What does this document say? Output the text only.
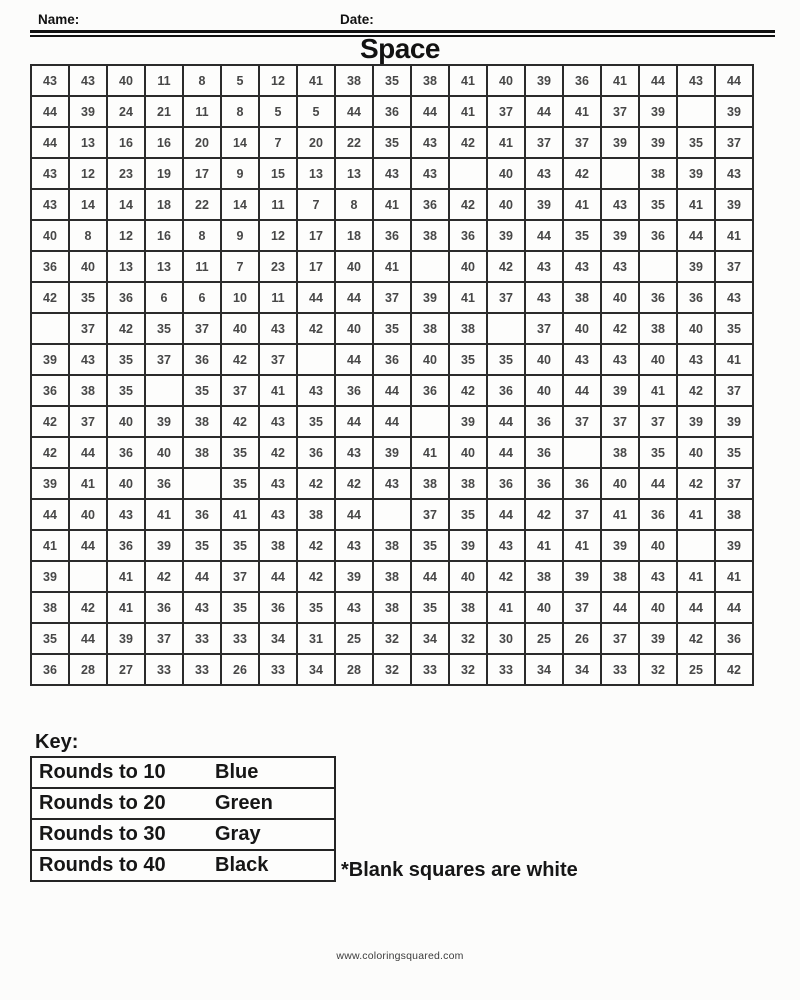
Name:	Date:
Space
43	43	40	11	8	5	12	41	38	35	38	41	40	39	36	41	44	43	44
44	39	24	21	11	8	5	5	44	36	44	41	37	44	41	37	39		39
44	13	16	16	20	14	7	20	22	35	43	42	41	37	37	39	39	35	37
43	12	23	19	17	9	15	13	13	43	43		40	43	42		38	39	43
43	14	14	18	22	14	11	7	8	41	36	42	40	39	41	43	35	41	39
40	8	12	16	8	9	12	17	18	36	38	36	39	44	35	39	36	44	41
36	40	13	13	11	7	23	17	40	41		40	42	43	43	43		39	37
42	35	36	6	6	10	11	44	44	37	39	41	37	43	38	40	36	36	43
	37	42	35	37	40	43	42	40	35	38	38		37	40	42	38	40	35
39	43	35	37	36	42	37		44	36	40	35	35	40	43	43	40	43	41
36	38	35		35	37	41	43	36	44	36	42	36	40	44	39	41	42	37
42	37	40	39	38	42	43	35	44	44		39	44	36	37	37	37	39	39
42	44	36	40	38	35	42	36	43	39	41	40	44	36		38	35	40	35
39	41	40	36		35	43	42	42	43	38	38	36	36	36	40	44	42	37
44	40	43	41	36	41	43	38	44		37	35	44	42	37	41	36	41	38
41	44	36	39	35	35	38	42	43	38	35	39	43	41	41	39	40		39
39		41	42	44	37	44	42	39	38	44	40	42	38	39	38	43	41	41
38	42	41	36	43	35	36	35	43	38	35	38	41	40	37	44	40	44	44
35	44	39	37	33	33	34	31	25	32	34	32	30	25	26	37	39	42	36
36	28	27	33	33	26	33	34	28	32	33	32	33	34	34	33	32	25	42
Key:
Rounds to 10	Blue
Rounds to 20	Green
Rounds to 30	Gray
Rounds to 40	Black	*Blank squares are white
www.coloringsquared.com
